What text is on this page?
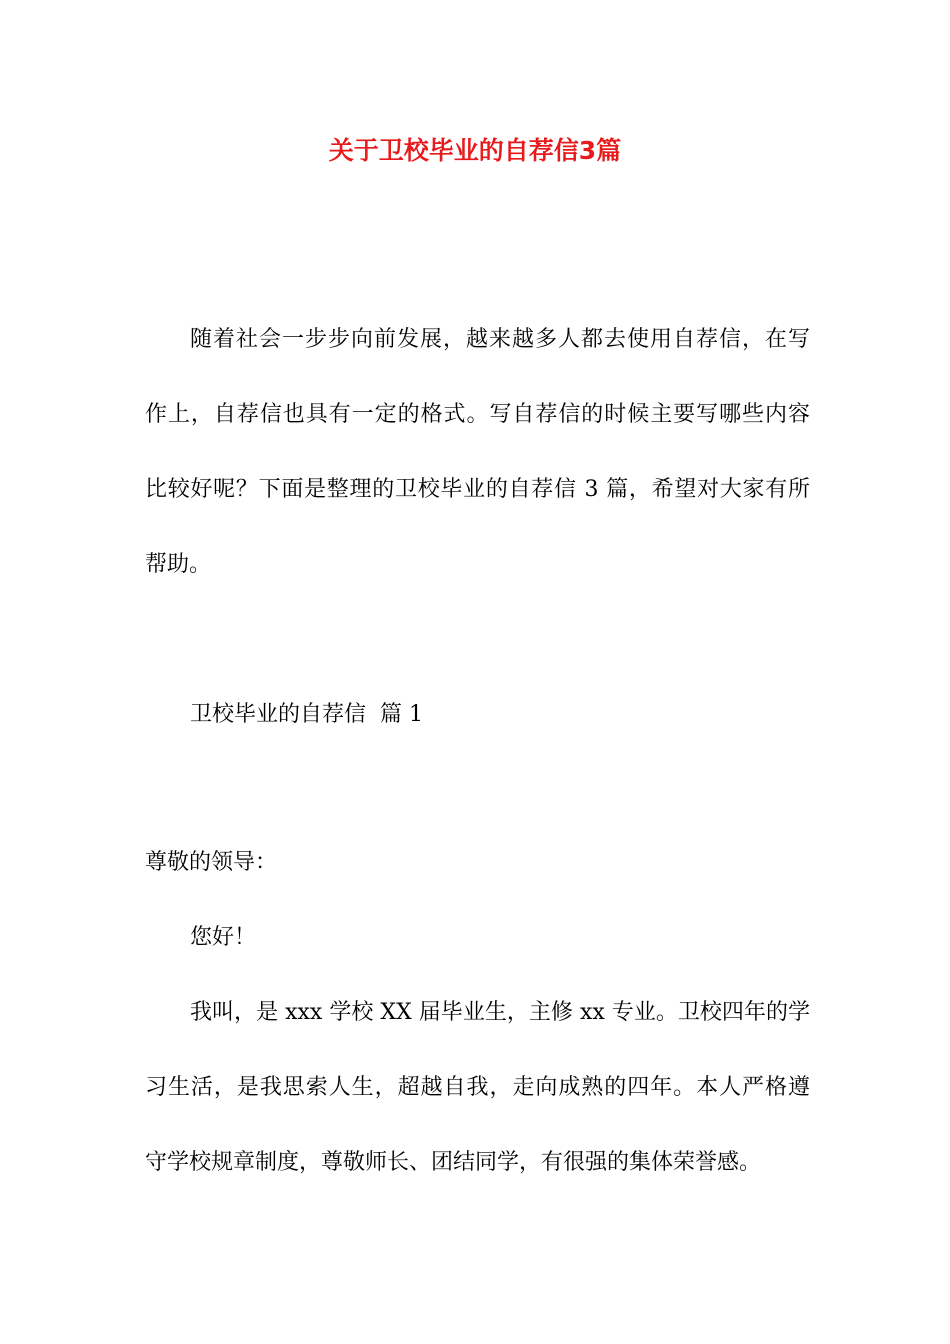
关于卫校毕业的自荐信3篇
随着社会一步步向前发展，越来越多人都去使用自荐信，在写
作上，自荐信也具有一定的格式。写自荐信的时候主要写哪些内容
比较好呢？下面是整理的卫校毕业的自荐信 3 篇，希望对大家有所
帮助。
卫校毕业的自荐信  篇 1
尊敬的领导：
您好！
我叫，是 xxx 学校 XX 届毕业生，主修 xx 专业。卫校四年的学
习生活，是我思索人生，超越自我，走向成熟的四年。本人严格遵
守学校规章制度，尊敬师长、团结同学，有很强的集体荣誉感。
